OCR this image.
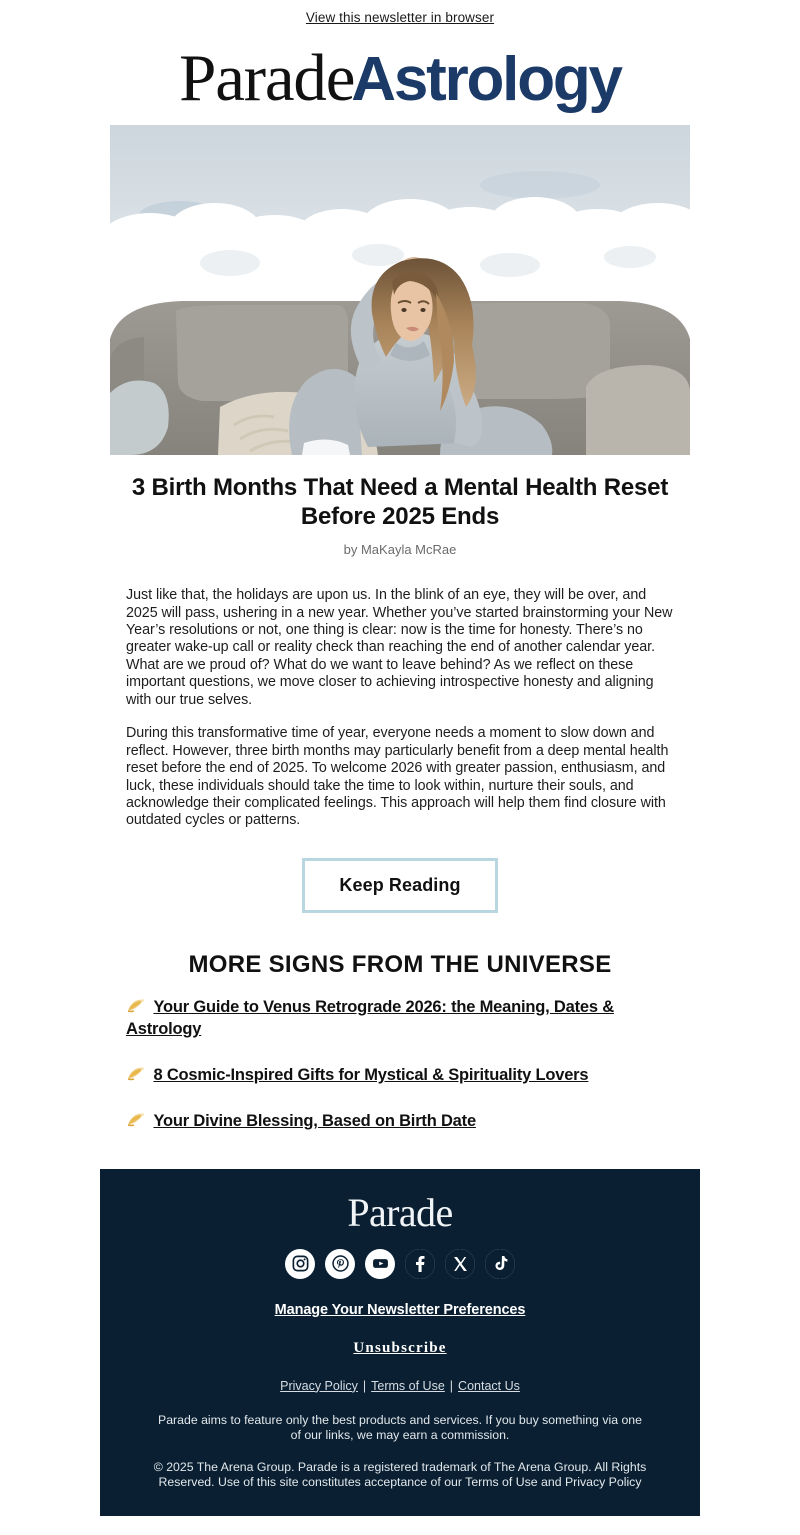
View this newsletter in browser
ParadeAstrology
3 Birth Months That Need a Mental Health Reset Before 2025 Ends
by MaKayla McRae

Just like that, the holidays are upon us. In the blink of an eye, they will be over, and 2025 will pass, ushering in a new year. Whether you’ve started brainstorming your New Year’s resolutions or not, one thing is clear: now is the time for honesty. There’s no greater wake-up call or reality check than reaching the end of another calendar year. What are we proud of? What do we want to leave behind? As we reflect on these important questions, we move closer to achieving introspective honesty and aligning with our true selves.

During this transformative time of year, everyone needs a moment to slow down and reflect. However, three birth months may particularly benefit from a deep mental health reset before the end of 2025. To welcome 2026 with greater passion, enthusiasm, and luck, these individuals should take the time to look within, nurture their souls, and acknowledge their complicated feelings. This approach will help them find closure with outdated cycles or patterns.

Keep Reading
MORE SIGNS FROM THE UNIVERSE
Your Guide to Venus Retrograde 2026: the Meaning, Dates & Astrology
8 Cosmic-Inspired Gifts for Mystical & Spirituality Lovers
Your Divine Blessing, Based on Birth Date
Parade
Manage Your Newsletter Preferences
Unsubscribe
Privacy Policy | Terms of Use | Contact Us
Parade aims to feature only the best products and services. If you buy something via one of our links, we may earn a commission.
© 2025 The Arena Group. Parade is a registered trademark of The Arena Group. All Rights Reserved. Use of this site constitutes acceptance of our Terms of Use and Privacy Policy
